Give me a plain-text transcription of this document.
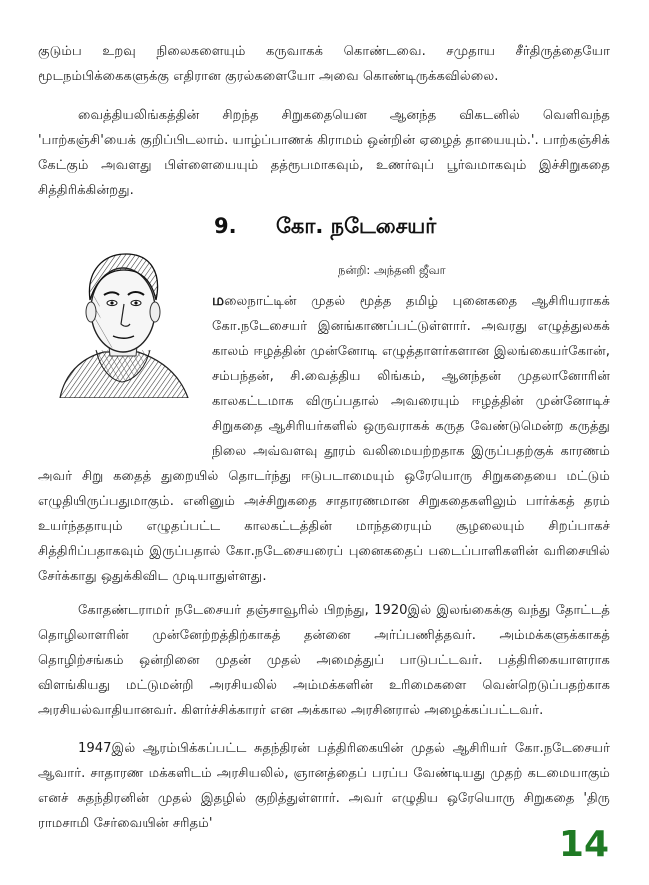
குடும்ப உறவு நிலைகளையும் கருவாகக் கொண்டவை. சமுதாய சீர்திருத்தையோ மூடநம்பிக்கைகளுக்கு எதிரான குரல்களையோ அவை கொண்டிருக்கவில்லை.

வைத்தியலிங்கத்தின் சிறந்த சிறுகதையென ஆனந்த விகடனில் வெளிவந்த 'பாற்கஞ்சி'யைக் குறிப்பிடலாம். யாழ்ப்பாணக் கிராமம் ஒன்றின் ஏழைத் தாயையும்.'. பாற்கஞ்சிக் கேட்கும் அவளது பிள்ளையையும் தத்ரூபமாகவும், உணர்வுப் பூர்வமாகவும் இச்சிறுகதை சித்திரிக்கின்றது.

9. கோ. நடேசையர்
நன்றி: அந்தனி ஜீவா

மலைநாட்டின் முதல் மூத்த தமிழ் புனைகதை ஆசிரியராகக் கோ.நடேசையர் இனங்காணப்பட்டுள்ளார். அவரது எழுத்துலகக் காலம் ஈழத்தின் முன்னோடி எழுத்தாளர்களான இலங்கையர்கோன், சம்பந்தன், சி.வைத்திய லிங்கம், ஆனந்தன் முதலானோரின் காலகட்டமாக விருப்பதால் அவரையும் ஈழத்தின் முன்னோடிச் சிறுகதை ஆசிரியர்களில் ஒருவராகக் கருத வேண்டுமென்ற கருத்து நிலை அவ்வளவு தூரம் வலிமையற்றதாக இருப்பதற்குக் காரணம் அவர் சிறு கதைத் துறையில் தொடர்ந்து ஈடுபடாமையும் ஒரேயொரு சிறுகதையை மட்டும் எழுதியிருப்பதுமாகும். எனினும் அச்சிறுகதை சாதாரணமான சிறுகதைகளிலும் பார்க்கத் தரம் உயர்ந்ததாயும் எழுதப்பட்ட காலகட்டத்தின் மாந்தரையும் சூழலையும் சிறப்பாகச் சித்திரிப்பதாகவும் இருப்பதால் கோ.நடேசையரைப் புனைகதைப் படைப்பாளிகளின் வரிசையில் சேர்க்காது ஒதுக்கிவிட முடியாதுள்ளது.

கோதண்டராமர் நடேசையர் தஞ்சாவூரில் பிறந்து, 1920இல் இலங்கைக்கு வந்து தோட்டத் தொழிலாளரின் முன்னேற்றத்திற்காகத் தன்னை அர்ப்பணித்தவர். அம்மக்களுக்காகத் தொழிற்சங்கம் ஒன்றினை முதன் முதல் அமைத்துப் பாடுபட்டவர். பத்திரிகையாளராக விளங்கியது மட்டுமன்றி அரசியலில் அம்மக்களின் உரிமைகளை வென்றெடுப்பதற்காக அரசியல்வாதியானவர். கிளர்ச்சிக்காரர் என அக்கால அரசினரால் அழைக்கப்பட்டவர்.

1947இல் ஆரம்பிக்கப்பட்ட சுதந்திரன் பத்திரிகையின் முதல் ஆசிரியர் கோ.நடேசையர் ஆவார். சாதாரண மக்களிடம் அரசியலில், ஞானத்தைப் பரப்ப வேண்டியது முதற் கடமையாகும் எனச் சுதந்திரனின் முதல் இதழில் குறித்துள்ளார். அவர் எழுதிய ஒரேயொரு சிறுகதை 'திரு ராமசாமி சேர்வையின் சரிதம்'

14
